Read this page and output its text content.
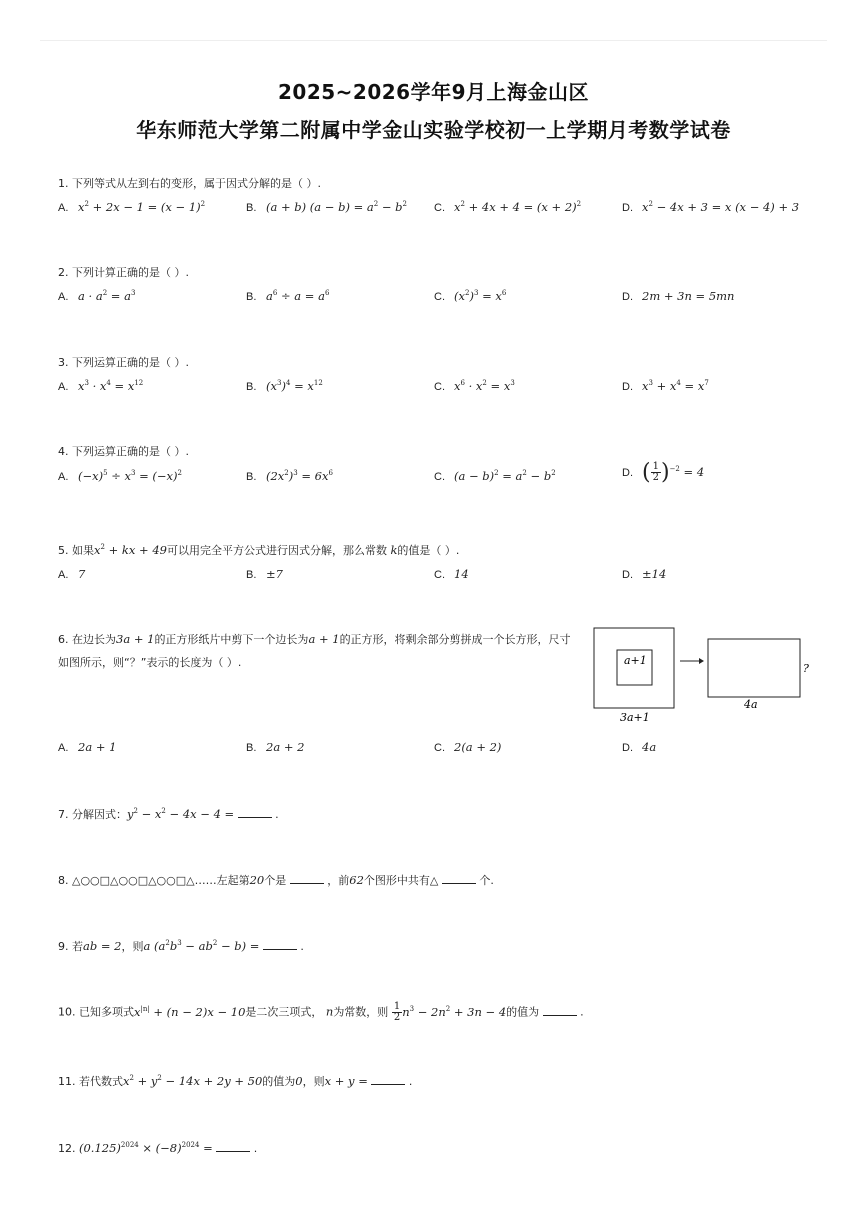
2025~2026学年9月上海金山区
华东师范大学第二附属中学金山实验学校初一上学期月考数学试卷
1. 下列等式从左到右的变形，属于因式分解的是（ ）.
A. $x^2 + 2x - 1 = (x - 1)^2$	B. (a + b) $(a - b) = a^2 - b^2$ C. $x^2 + 4x + 4 = (x + 2)^2$	D. $x^2 - 4x + 3 = x$ (x − 4) + 3
2. 下列计算正确的是（ ）.
A. $a \cdot a^2 = a^3$	B. $a^6 \div a = a^6$	C. $(x^2)^3 = x^6$	D. 2m + 3n = 5mn
3. 下列运算正确的是（ ）.
A. $x^3 \cdot x^4 = x^{12}$	B. $(x^3)^4 = x^{12}$	C. $x^6 \cdot x^2 = x^3$	D. $x^3 + x^4 = x^7$
4. 下列运算正确的是（ ）.
A. $(-x)^5 \div x^3 = (-x)^2$	B. $(2x^2)^3 = 6x^6$	C. $(a - b)^2 = a^2 - b^2$	D. ( $\frac{1}{2} )^{-2} = 4$
5. 如果$x^2$ + kx + 49可以用完全平方公式进行因式分解，那么常数 k的值是（ ）.
A. 7	B. ±7	C. 14	D. ±14
6. 在边长为3a + 1的正方形纸片中剪下一个边长为a + 1的正方形，将剩余部分剪拼成一个长方形，尺寸
如图所示，则“？”表示的长度为（ ）.	a+1
3a+1
4a
?
A. 2a + 1	B. 2a + 2	C. 2(a + 2)	D. 4a
7. 分解因式：$y^2 - x^2 - 4x - 4$ =	.
8. △○○□△○○□△○○□△……左起第20个是	，前62个图形中共有△	个.
9. 若ab = 2，则a $(a^2b^3 - ab^2 - b)$ =	.
10. 已知多项式$x^{|n|} + (n - 2)x - 10$是二次三项式， n为常数，则 $\frac{1}{2} n^3 - 2n^2 + 3n - 4$的值为	.
11. 若代数式$x^2 + y^2 - 14x + 2y + 50$的值为0，则x + y =	.
12. $(0.125)^{2024} \times (-8)^{2024}$ =	.
